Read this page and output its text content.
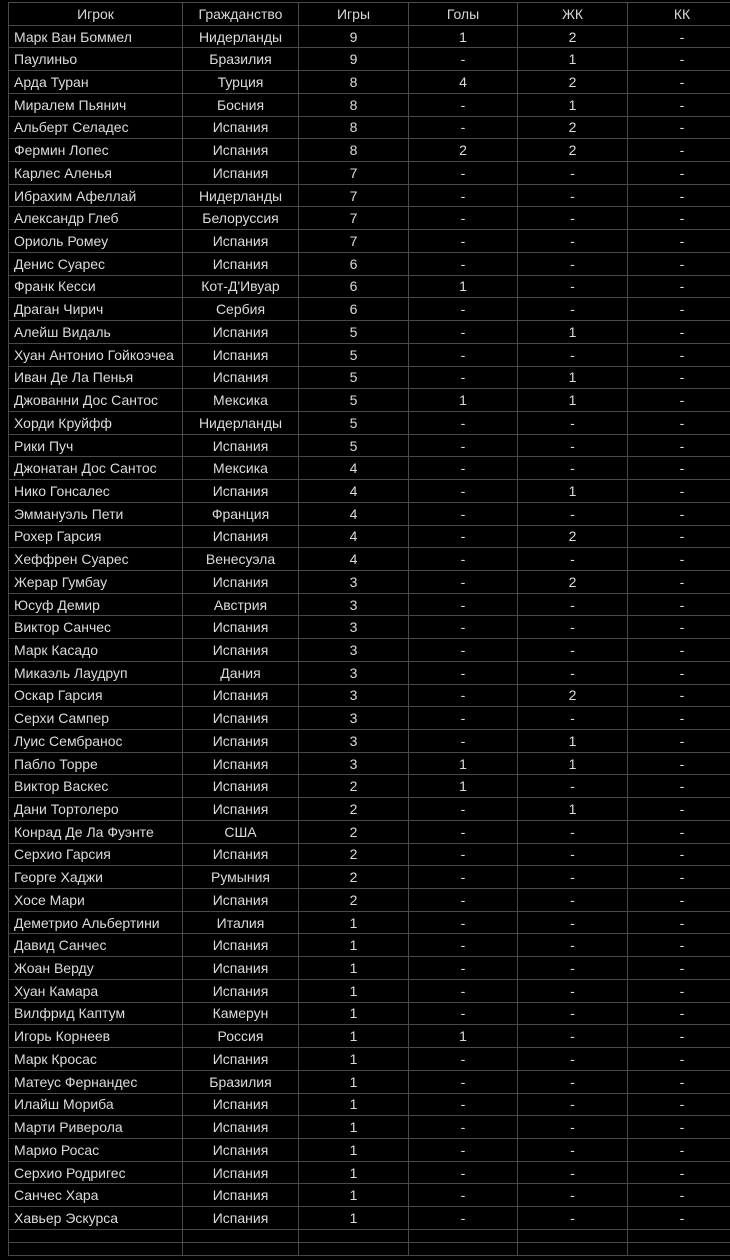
Игрок	Гражданство	Игры	Голы	ЖК	КК
Марк Ван Боммел	Нидерланды	9	1	2	-
Паулиньо	Бразилия	9	-	1	-
Арда Туран	Турция	8	4	2	-
Миралем Пьянич	Босния	8	-	1	-
Альберт Селадес	Испания	8	-	2	-
Фермин Лопес	Испания	8	2	2	-
Карлес Аленья	Испания	7	-	-	-
Ибрахим Афеллай	Нидерланды	7	-	-	-
Александр Глеб	Белоруссия	7	-	-	-
Ориоль Ромеу	Испания	7	-	-	-
Денис Суарес	Испания	6	-	-	-
Франк Кесси	Кот-Д'Ивуар	6	1	-	-
Драган Чирич	Сербия	6	-	-	-
Алейш Видаль	Испания	5	-	1	-
Хуан Антонио Гойкоэчеа	Испания	5	-	-	-
Иван Де Ла Пенья	Испания	5	-	1	-
Джованни Дос Сантос	Мексика	5	1	1	-
Хорди Круйфф	Нидерланды	5	-	-	-
Рики Пуч	Испания	5	-	-	-
Джонатан Дос Сантос	Мексика	4	-	-	-
Нико Гонсалес	Испания	4	-	1	-
Эммануэль Пети	Франция	4	-	-	-
Рохер Гарсия	Испания	4	-	2	-
Хеффрен Суарес	Венесуэла	4	-	-	-
Жерар Гумбау	Испания	3	-	2	-
Юсуф Демир	Австрия	3	-	-	-
Виктор Санчес	Испания	3	-	-	-
Марк Касадо	Испания	3	-	-	-
Микаэль Лаудруп	Дания	3	-	-	-
Оскар Гарсия	Испания	3	-	2	-
Серхи Сампер	Испания	3	-	-	-
Луис Сембранос	Испания	3	-	1	-
Пабло Торре	Испания	3	1	1	-
Виктор Васкес	Испания	2	1	-	-
Дани Тортолеро	Испания	2	-	1	-
Конрад Де Ла Фуэнте	США	2	-	-	-
Серхио Гарсия	Испания	2	-	-	-
Георге Хаджи	Румыния	2	-	-	-
Хосе Мари	Испания	2	-	-	-
Деметрио Альбертини	Италия	1	-	-	-
Давид Санчес	Испания	1	-	-	-
Жоан Верду	Испания	1	-	-	-
Хуан Камара	Испания	1	-	-	-
Вилфрид Каптум	Камерун	1	-	-	-
Игорь Корнеев	Россия	1	1	-	-
Марк Кросас	Испания	1	-	-	-
Матеус Фернандес	Бразилия	1	-	-	-
Илайш Мориба	Испания	1	-	-	-
Марти Риверола	Испания	1	-	-	-
Марио Росас	Испания	1	-	-	-
Серхио Родригес	Испания	1	-	-	-
Санчес Хара	Испания	1	-	-	-
Хавьер Эскурса	Испания	1	-	-	-
